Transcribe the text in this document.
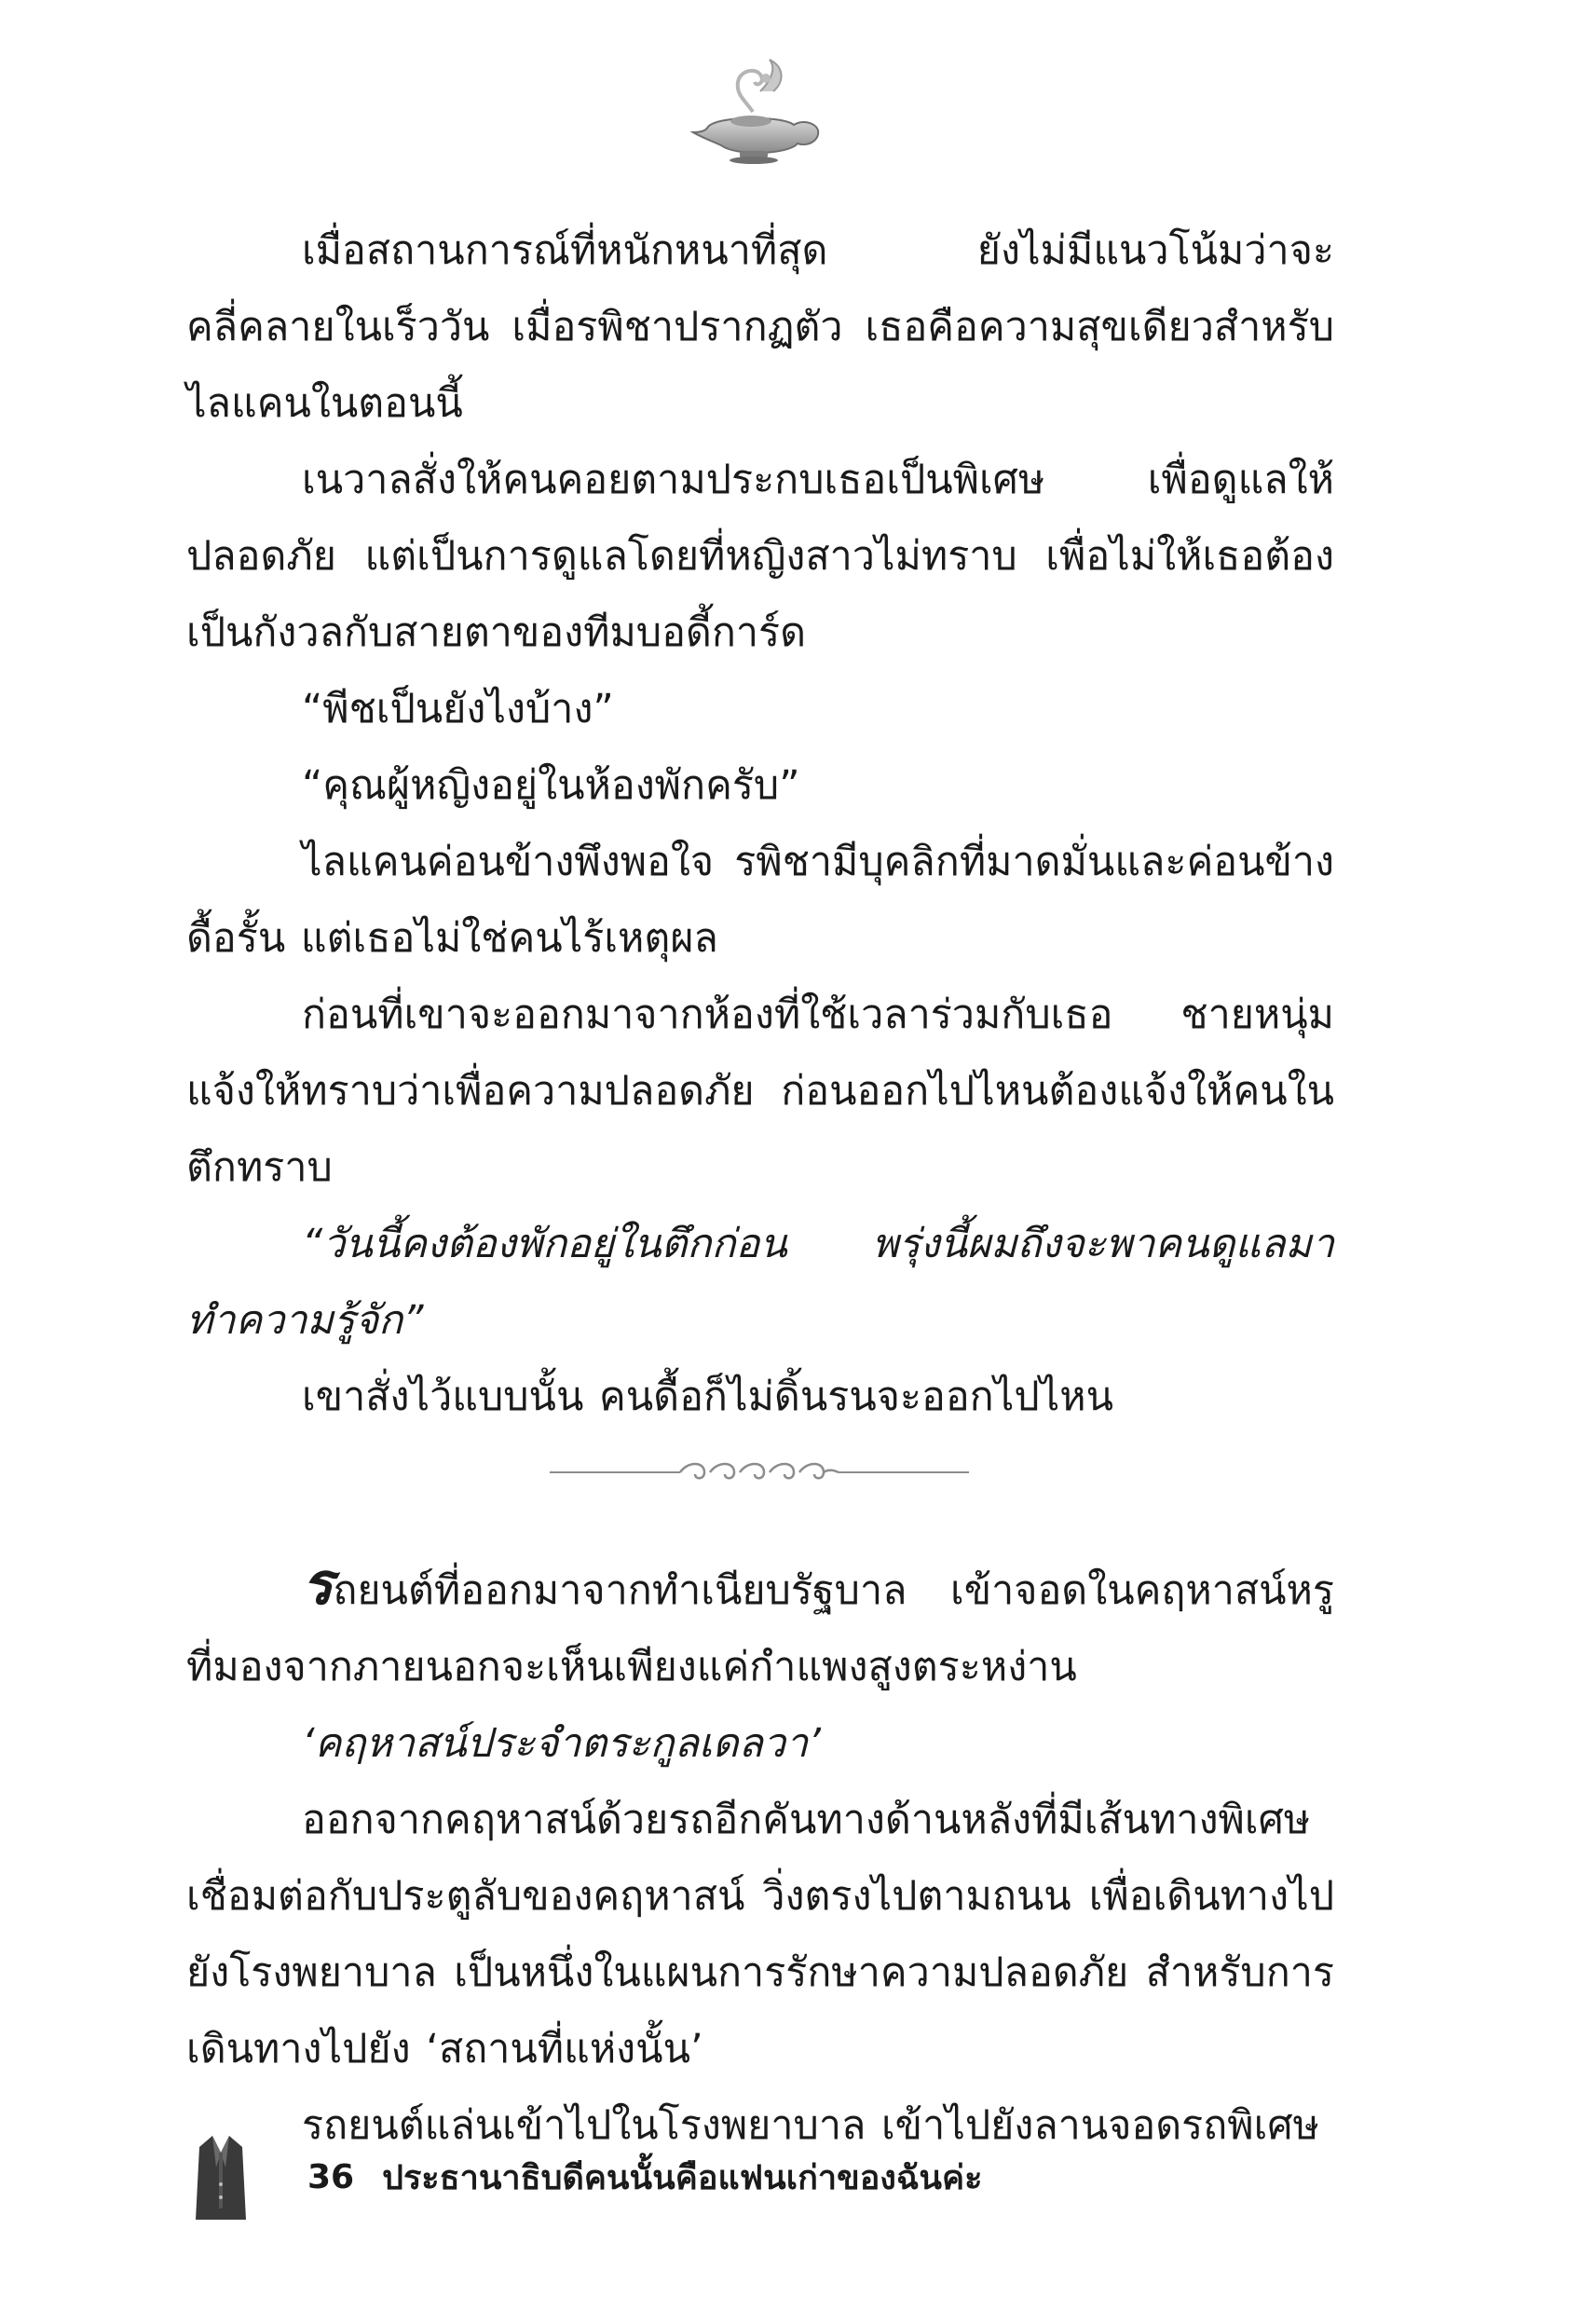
เมื่อสถานการณ์ที่หนักหนาที่สุด ยังไม่มีแนวโน้มว่าจะคลี่คลายในเร็ววัน เมื่อรพิชาปรากฏตัว เธอคือความสุขเดียวสำหรับไลแคนในตอนนี้

เนวาลสั่งให้คนคอยตามประกบเธอเป็นพิเศษ เพื่อดูแลให้ปลอดภัย แต่เป็นการดูแลโดยที่หญิงสาวไม่ทราบ เพื่อไม่ให้เธอต้องเป็นกังวลกับสายตาของทีมบอดี้การ์ด

“พีชเป็นยังไงบ้าง”

“คุณผู้หญิงอยู่ในห้องพักครับ”

ไลแคนค่อนข้างพึงพอใจ รพิชามีบุคลิกที่มาดมั่นและค่อนข้างดื้อรั้น แต่เธอไม่ใช่คนไร้เหตุผล

ก่อนที่เขาจะออกมาจากห้องที่ใช้เวลาร่วมกับเธอ ชายหนุ่มแจ้งให้ทราบว่าเพื่อความปลอดภัย ก่อนออกไปไหนต้องแจ้งให้คนในตึกทราบ

“วันนี้คงต้องพักอยู่ในตึกก่อน พรุ่งนี้ผมถึงจะพาคนดูแลมาทำความรู้จัก”

เขาสั่งไว้แบบนั้น คนดื้อก็ไม่ดิ้นรนจะออกไปไหน

รถยนต์ที่ออกมาจากทำเนียบรัฐบาล เข้าจอดในคฤหาสน์หรู ที่มองจากภายนอกจะเห็นเพียงแค่กำแพงสูงตระหง่าน

‘คฤหาสน์ประจำตระกูลเดลวา’

ออกจากคฤหาสน์ด้วยรถอีกคันทางด้านหลังที่มีเส้นทางพิเศษเชื่อมต่อกับประตูลับของคฤหาสน์ วิ่งตรงไปตามถนน เพื่อเดินทางไปยังโรงพยาบาล เป็นหนึ่งในแผนการรักษาความปลอดภัย สำหรับการเดินทางไปยัง ‘สถานที่แห่งนั้น’

รถยนต์แล่นเข้าไปในโรงพยาบาล เข้าไปยังลานจอดรถพิเศษ

36 ประธานาธิบดีคนนั้นคือแฟนเก่าของฉันค่ะ
